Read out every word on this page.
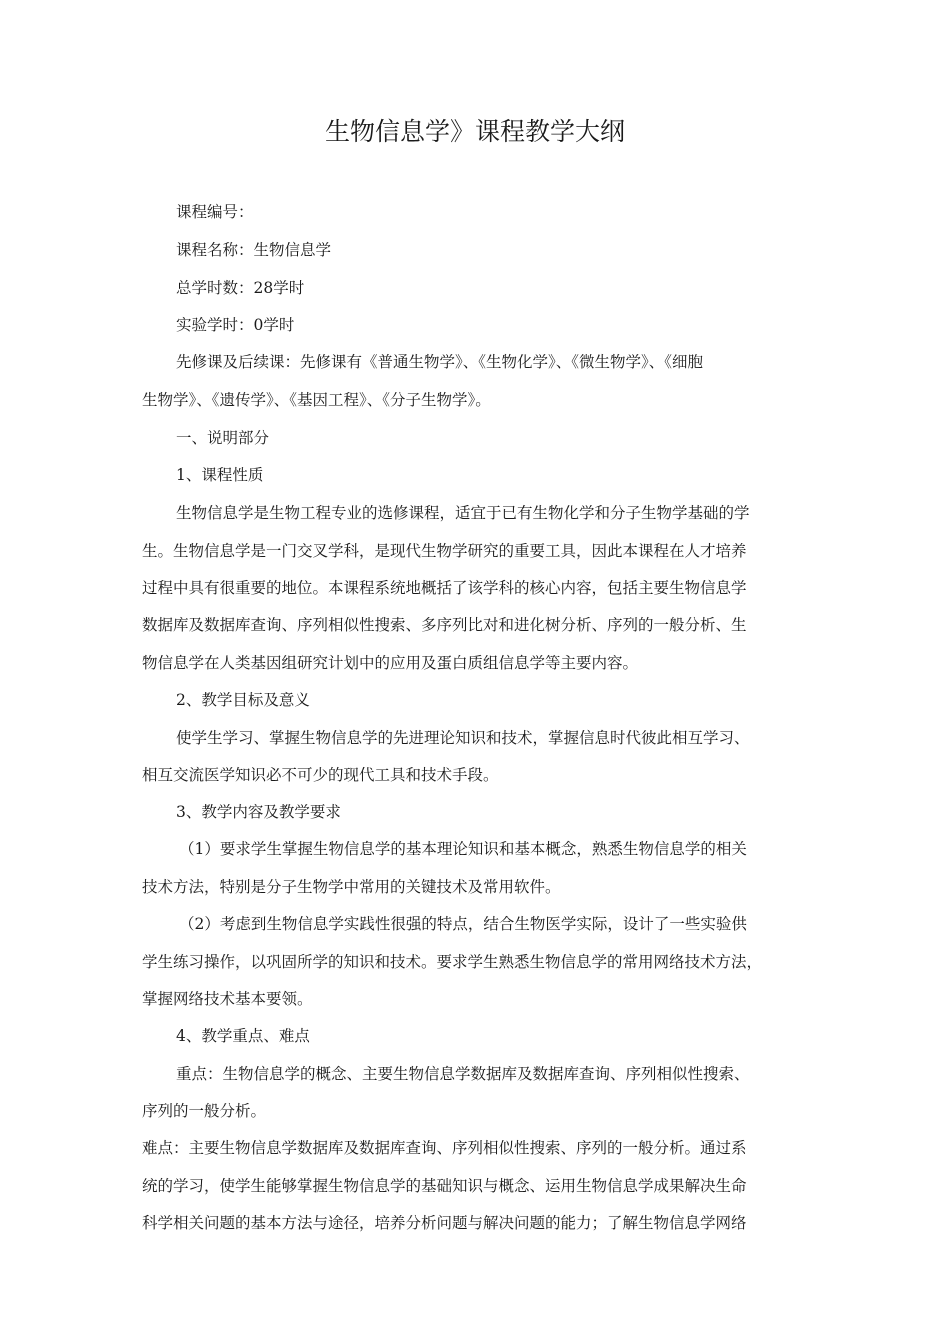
生物信息学》课程教学大纲

课程编号：

课程名称：生物信息学

总学时数：28学时

实验学时：0学时

先修课及后续课：先修课有《普通生物学》、《生物化学》、《微生物学》、《细胞

生物学》、《遗传学》、《基因工程》、《分子生物学》。

一、说明部分

1、课程性质

生物信息学是生物工程专业的选修课程，适宜于已有生物化学和分子生物学基础的学

生。生物信息学是一门交叉学科，是现代生物学研究的重要工具，因此本课程在人才培养

过程中具有很重要的地位。本课程系统地概括了该学科的核心内容，包括主要生物信息学

数据库及数据库查询、序列相似性搜索、多序列比对和进化树分析、序列的一般分析、生

物信息学在人类基因组研究计划中的应用及蛋白质组信息学等主要内容。

2、教学目标及意义

使学生学习、掌握生物信息学的先进理论知识和技术，掌握信息时代彼此相互学习、

相互交流医学知识必不可少的现代工具和技术手段。

3、教学内容及教学要求

（1）要求学生掌握生物信息学的基本理论知识和基本概念，熟悉生物信息学的相关

技术方法，特别是分子生物学中常用的关键技术及常用软件。

（2）考虑到生物信息学实践性很强的特点，结合生物医学实际，设计了一些实验供

学生练习操作，以巩固所学的知识和技术。要求学生熟悉生物信息学的常用网络技术方法，

掌握网络技术基本要领。

4、教学重点、难点

重点：生物信息学的概念、主要生物信息学数据库及数据库查询、序列相似性搜索、

序列的一般分析。

难点：主要生物信息学数据库及数据库查询、序列相似性搜索、序列的一般分析。通过系

统的学习，使学生能够掌握生物信息学的基础知识与概念、运用生物信息学成果解决生命

科学相关问题的基本方法与途径，培养分析问题与解决问题的能力；了解生物信息学网络
